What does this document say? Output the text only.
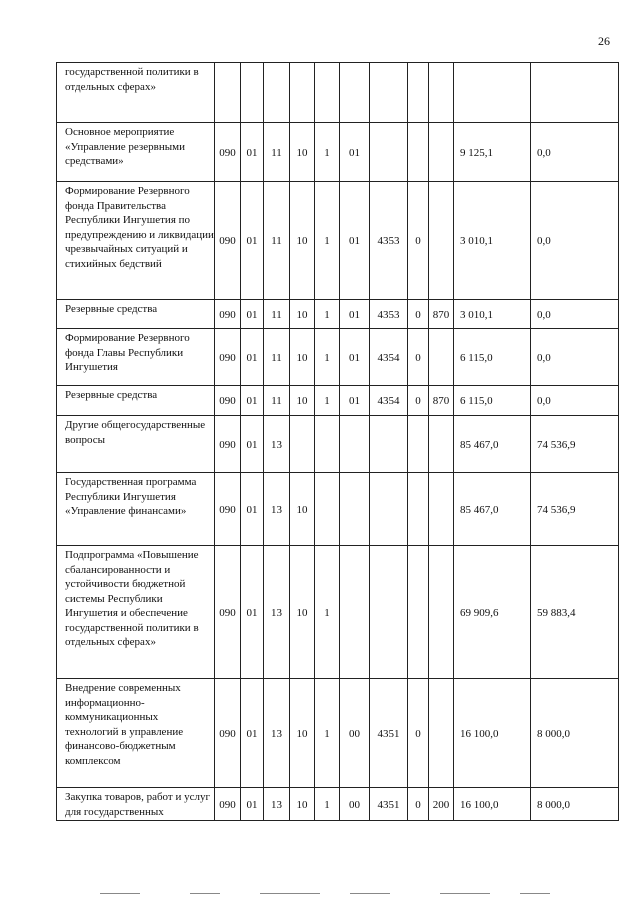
26
государственной политики в отдельных сферах»											

Основное мероприятие «Управление резервными средствами»	090	01	11	10	1	01				9 125,1	0,0

Формирование Резервного фонда Правительства Республики Ингушетия по предупреждению и ликвидации чрезвычайных ситуаций и стихийных бедствий	090	01	11	10	1	01	4353	0		3 010,1	0,0

Резервные средства	090	01	11	10	1	01	4353	0	870	3 010,1	0,0

Формирование Резервного фонда Главы Республики Ингушетия	090	01	11	10	1	01	4354	0		6 115,0	0,0

Резервные средства	090	01	11	10	1	01	4354	0	870	6 115,0	0,0

Другие общегосударственные вопросы	090	01	13							85 467,0	74 536,9

Государственная программа Республики Ингушетия «Управление финансами»	090	01	13	10						85 467,0	74 536,9

Подпрограмма «Повышение сбалансированности и устойчивости бюджетной системы Республики Ингушетия и обеспечение государственной политики в отдельных сферах»	090	01	13	10	1					69 909,6	59 883,4

Внедрение современных информационно-коммуникационных технологий в управление финансово-бюджетным комплексом	090	01	13	10	1	00	4351	0		16 100,0	8 000,0

Закупка товаров, работ и услуг для государственных	090	01	13	10	1	00	4351	0	200	16 100,0	8 000,0
